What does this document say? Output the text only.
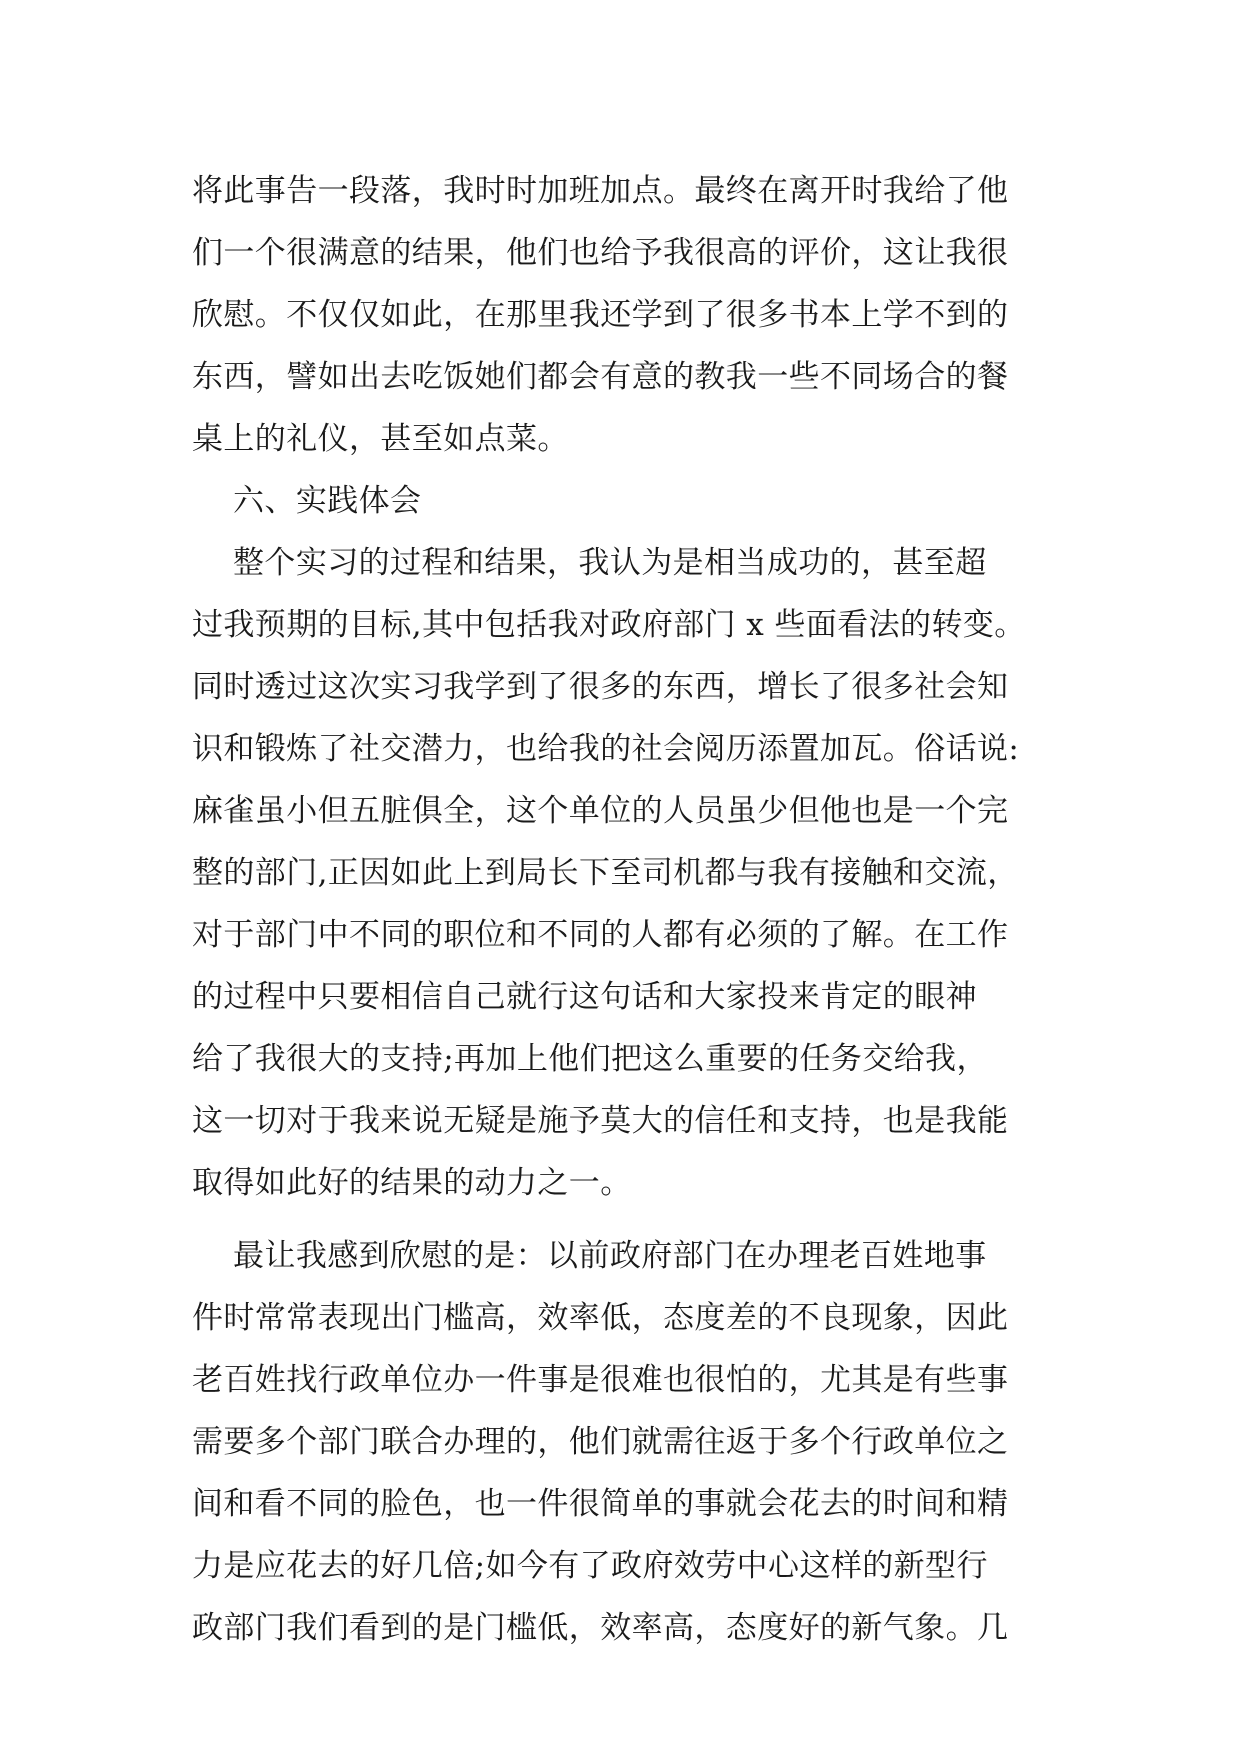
将此事告一段落，我时时加班加点。最终在离开时我给了他
们一个很满意的结果，他们也给予我很高的评价，这让我很
欣慰。不仅仅如此，在那里我还学到了很多书本上学不到的
东西，譬如出去吃饭她们都会有意的教我一些不同场合的餐
桌上的礼仪，甚至如点菜。
六、实践体会
整个实习的过程和结果，我认为是相当成功的，甚至超
过我预期的目标,其中包括我对政府部门 x 些面看法的转变。
同时透过这次实习我学到了很多的东西，增长了很多社会知
识和锻炼了社交潜力，也给我的社会阅历添置加瓦。俗话说:
麻雀虽小但五脏俱全，这个单位的人员虽少但他也是一个完
整的部门,正因如此上到局长下至司机都与我有接触和交流，
对于部门中不同的职位和不同的人都有必须的了解。在工作
的过程中只要相信自己就行这句话和大家投来肯定的眼神
给了我很大的支持;再加上他们把这么重要的任务交给我，
这一切对于我来说无疑是施予莫大的信任和支持，也是我能
取得如此好的结果的动力之一。
最让我感到欣慰的是：以前政府部门在办理老百姓地事
件时常常表现出门槛高，效率低，态度差的不良现象，因此
老百姓找行政单位办一件事是很难也很怕的，尤其是有些事
需要多个部门联合办理的，他们就需往返于多个行政单位之
间和看不同的脸色，也一件很简单的事就会花去的时间和精
力是应花去的好几倍;如今有了政府效劳中心这样的新型行
政部门我们看到的是门槛低，效率高，态度好的新气象。几
